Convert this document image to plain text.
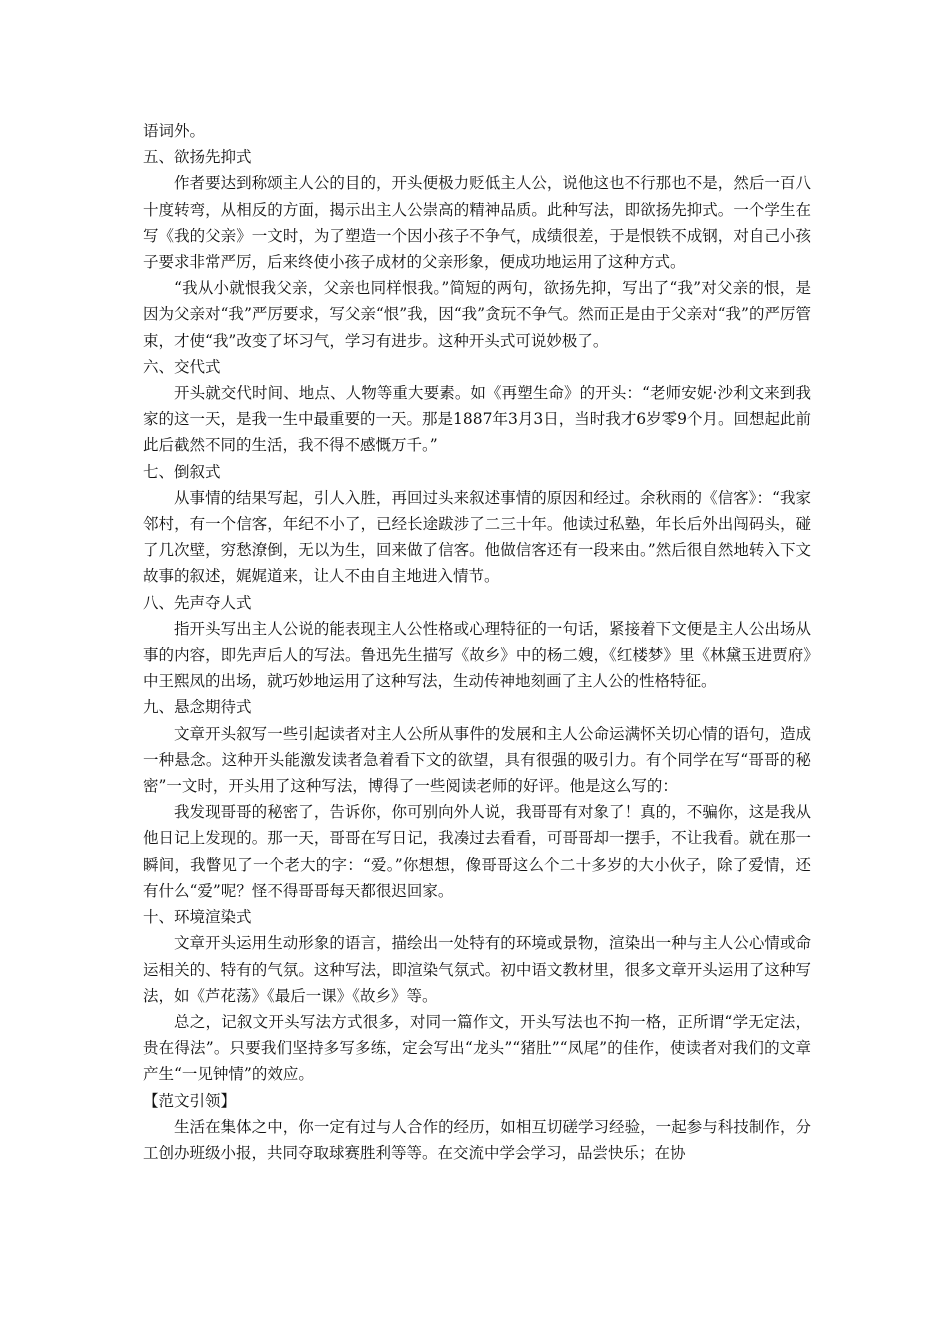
语词外。

五、欲扬先抑式

作者要达到称颂主人公的目的，开头便极力贬低主人公，说他这也不行那也不是，然后一百八十度转弯，从相反的方面，揭示出主人公崇高的精神品质。此种写法，即欲扬先抑式。一个学生在写《我的父亲》一文时，为了塑造一个因小孩子不争气，成绩很差，于是恨铁不成钢，对自己小孩子要求非常严厉，后来终使小孩子成材的父亲形象，便成功地运用了这种方式。

“我从小就恨我父亲，父亲也同样恨我。”简短的两句，欲扬先抑，写出了“我”对父亲的恨，是因为父亲对“我”严厉要求，写父亲“恨”我，因“我”贪玩不争气。然而正是由于父亲对“我”的严厉管束，才使“我”改变了坏习气，学习有进步。这种开头式可说妙极了。

六、交代式

开头就交代时间、地点、人物等重大要素。如《再塑生命》的开头：“老师安妮·沙利文来到我家的这一天，是我一生中最重要的一天。那是1887年3月3日，当时我才6岁零9个月。回想起此前此后截然不同的生活，我不得不感慨万千。”

七、倒叙式

从事情的结果写起，引人入胜，再回过头来叙述事情的原因和经过。余秋雨的《信客》：“我家邻村，有一个信客，年纪不小了，已经长途跋涉了二三十年。他读过私塾，年长后外出闯码头，碰了几次壁，穷愁潦倒，无以为生，回来做了信客。他做信客还有一段来由。”然后很自然地转入下文故事的叙述，娓娓道来，让人不由自主地进入情节。

八、先声夺人式

指开头写出主人公说的能表现主人公性格或心理特征的一句话，紧接着下文便是主人公出场从事的内容，即先声后人的写法。鲁迅先生描写《故乡》中的杨二嫂，《红楼梦》里《林黛玉进贾府》中王熙凤的出场，就巧妙地运用了这种写法，生动传神地刻画了主人公的性格特征。

九、悬念期待式

文章开头叙写一些引起读者对主人公所从事件的发展和主人公命运满怀关切心情的语句，造成一种悬念。这种开头能激发读者急着看下文的欲望，具有很强的吸引力。有个同学在写“哥哥的秘密”一文时，开头用了这种写法，博得了一些阅读老师的好评。他是这么写的：

我发现哥哥的秘密了，告诉你，你可别向外人说，我哥哥有对象了！真的，不骗你，这是我从他日记上发现的。那一天，哥哥在写日记，我凑过去看看，可哥哥却一摆手，不让我看。就在那一瞬间，我瞥见了一个老大的字：“爱。”你想想，像哥哥这么个二十多岁的大小伙子，除了爱情，还有什么“爱”呢？怪不得哥哥每天都很迟回家。

十、环境渲染式

文章开头运用生动形象的语言，描绘出一处特有的环境或景物，渲染出一种与主人公心情或命运相关的、特有的气氛。这种写法，即渲染气氛式。初中语文教材里，很多文章开头运用了这种写法，如《芦花荡》《最后一课》《故乡》等。

总之，记叙文开头写法方式很多，对同一篇作文，开头写法也不拘一格，正所谓“学无定法，贵在得法”。只要我们坚持多写多练，定会写出“龙头”“猪肚”“凤尾”的佳作，使读者对我们的文章产生“一见钟情”的效应。

【范文引领】

生活在集体之中，你一定有过与人合作的经历，如相互切磋学习经验，一起参与科技制作，分工创办班级小报，共同夺取球赛胜利等等。在交流中学会学习，品尝快乐；在协
